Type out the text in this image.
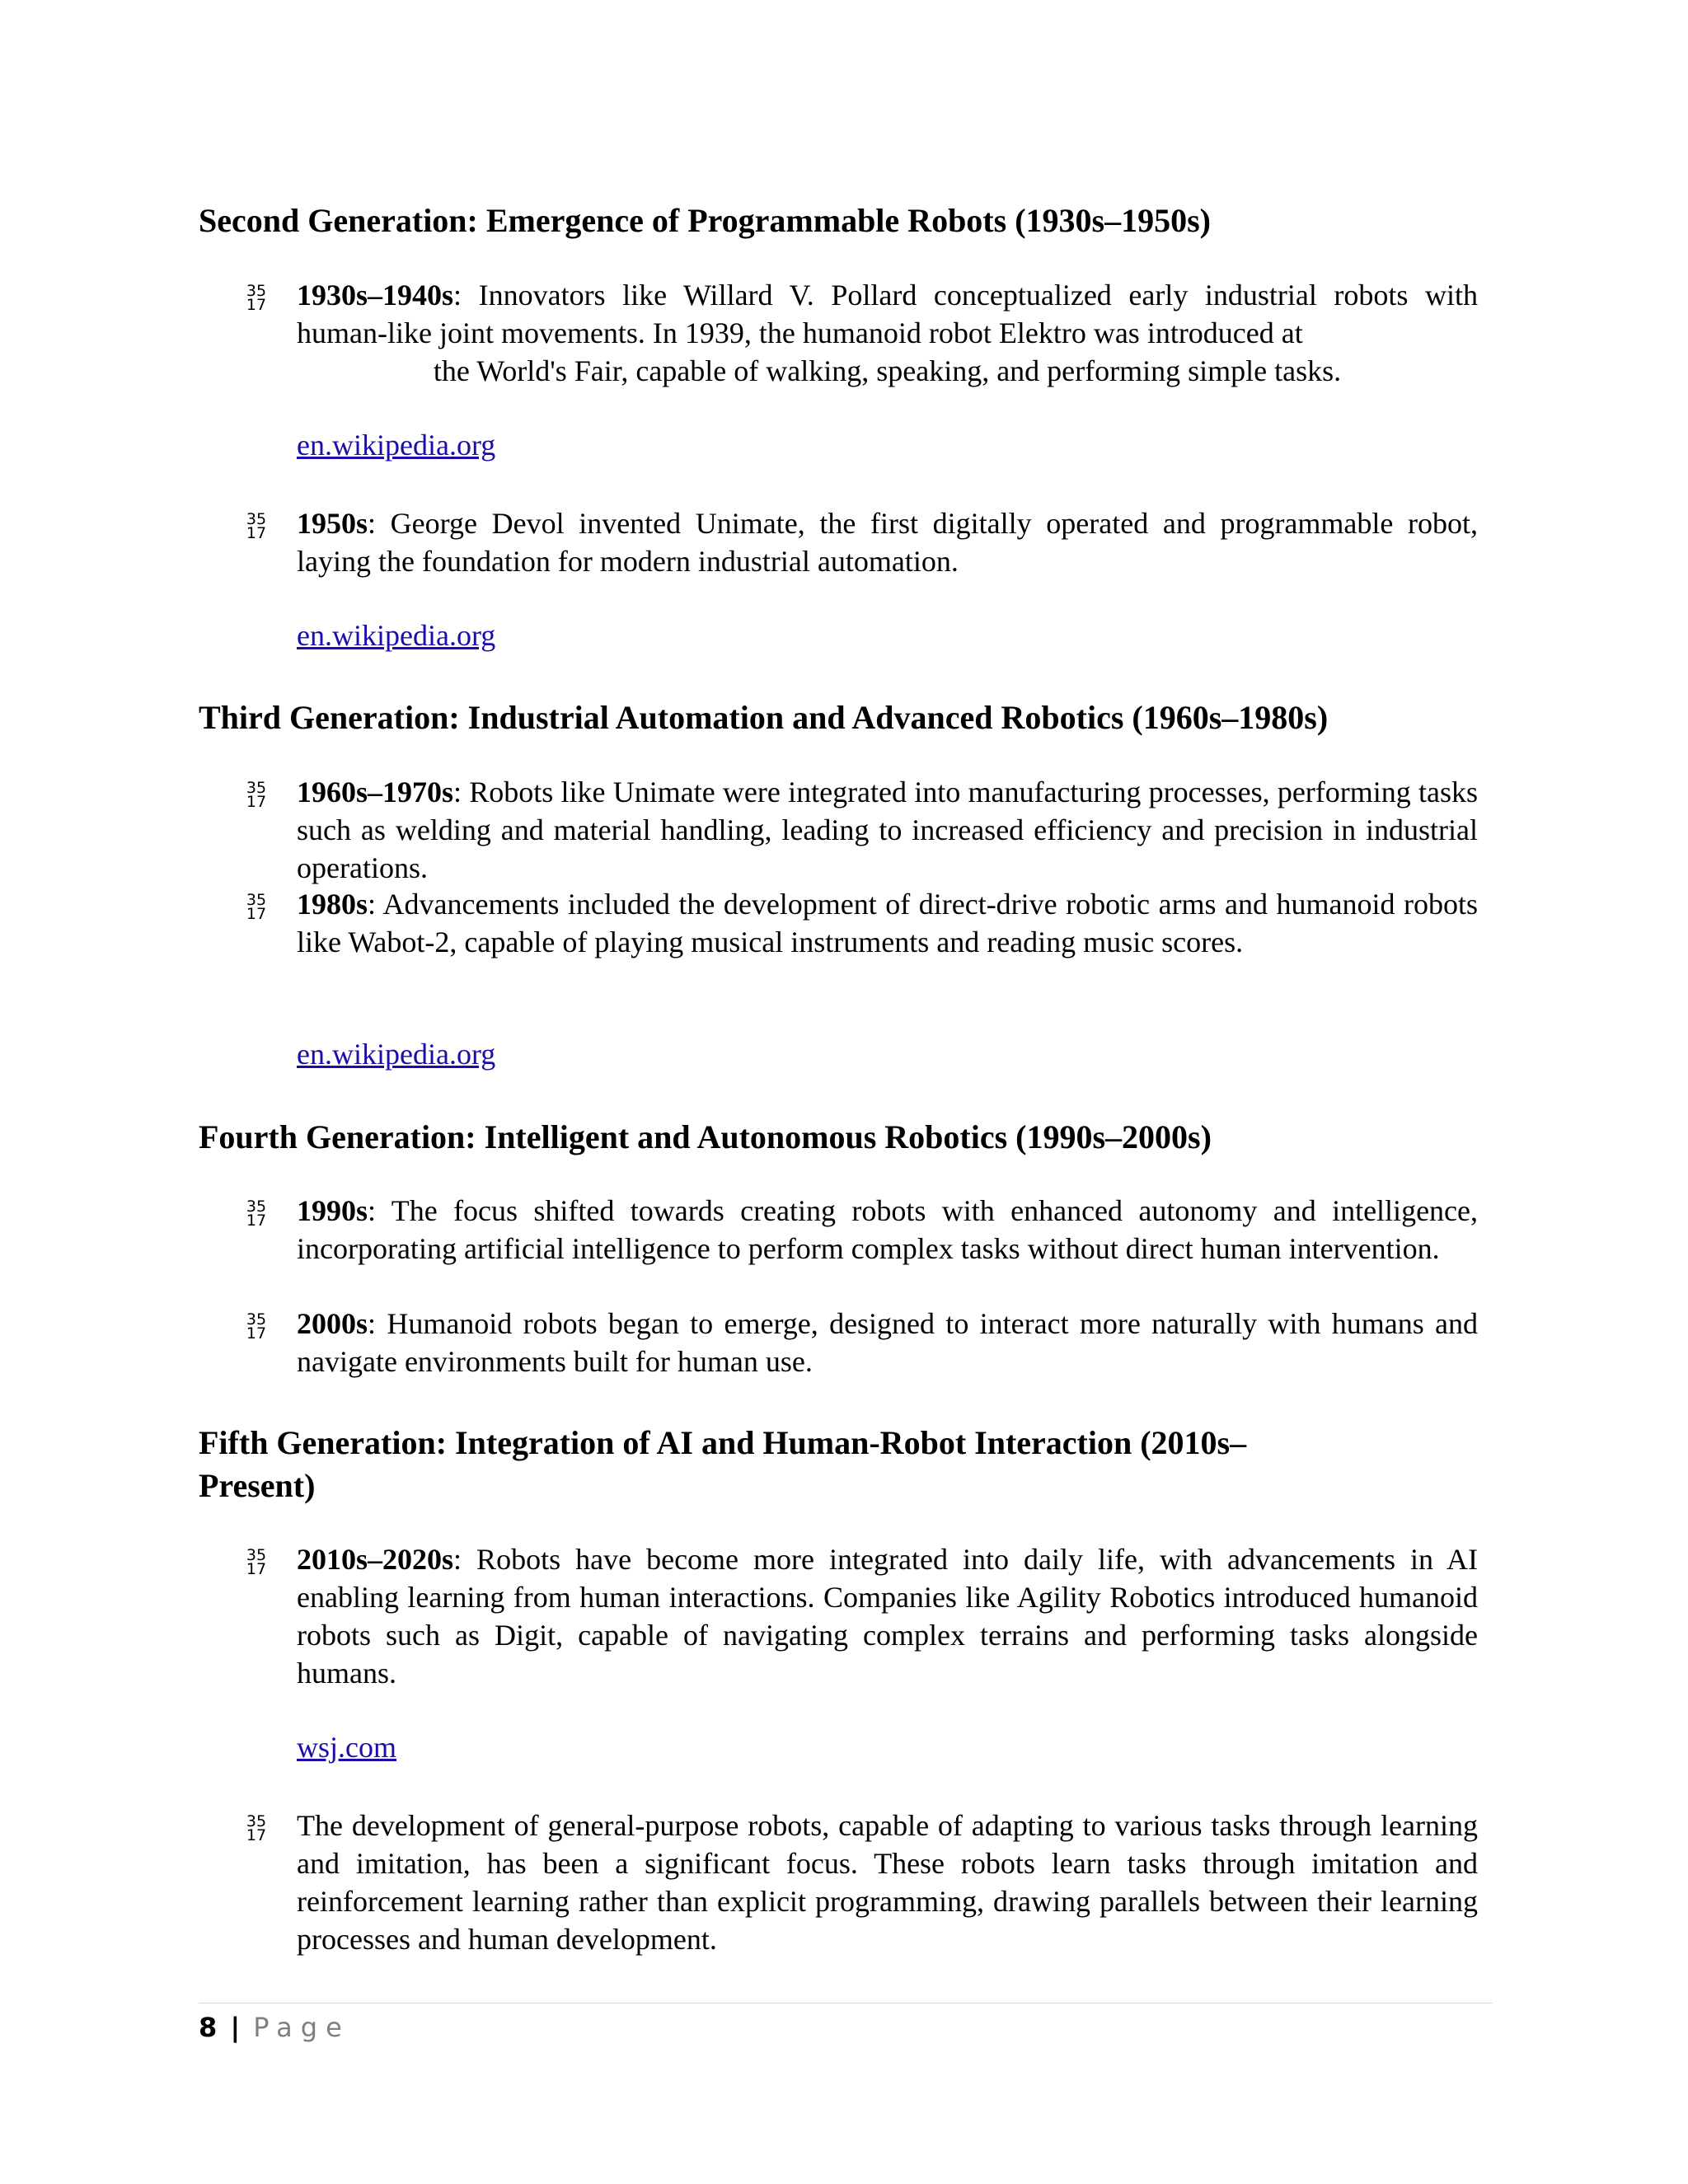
Second Generation: Emergence of Programmable Robots (1930s–1950s)
35
17 1930s–1940s: Innovators like Willard V. Pollard conceptualized early industrial robots with human-like joint movements. In 1939, the humanoid robot Elektro was introduced at
the World's Fair, capable of walking, speaking, and performing simple tasks.
en.wikipedia.org
35
17 1950s: George Devol invented Unimate, the first digitally operated and programmable robot, laying the foundation for modern industrial automation.
en.wikipedia.org
Third Generation: Industrial Automation and Advanced Robotics (1960s–1980s)
35
17 1960s–1970s: Robots like Unimate were integrated into manufacturing processes, performing tasks such as welding and material handling, leading to increased efficiency and precision in industrial operations.
35
17 1980s: Advancements included the development of direct-drive robotic arms and humanoid robots like Wabot-2, capable of playing musical instruments and reading music scores.
en.wikipedia.org
Fourth Generation: Intelligent and Autonomous Robotics (1990s–2000s)
35
17 1990s: The focus shifted towards creating robots with enhanced autonomy and intelligence, incorporating artificial intelligence to perform complex tasks without direct human intervention.
35
17 2000s: Humanoid robots began to emerge, designed to interact more naturally with humans and navigate environments built for human use.
Fifth Generation: Integration of AI and Human-Robot Interaction (2010s–
Present)
35
17 2010s–2020s: Robots have become more integrated into daily life, with advancements in AI enabling learning from human interactions. Companies like Agility Robotics introduced humanoid robots such as Digit, capable of navigating complex terrains and performing tasks alongside humans.
wsj.com
35
17 The development of general-purpose robots, capable of adapting to various tasks through learning and imitation, has been a significant focus. These robots learn tasks through imitation and reinforcement learning rather than explicit programming, drawing parallels between their learning processes and human development.
8 | Page
